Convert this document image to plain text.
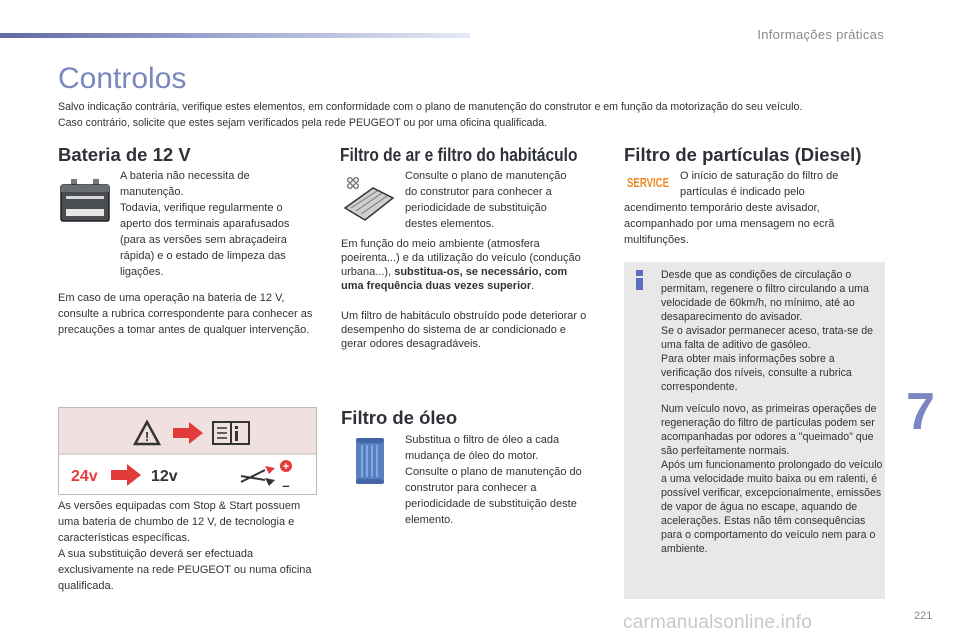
Informações práticas
Controlos
Salvo indicação contrária, verifique estes elementos, em conformidade com o plano de manutenção do construtor e em função da motorização do seu veículo.
Caso contrário, solicite que estes sejam verificados pela rede PEUGEOT ou por uma oficina qualificada.
Bateria de 12 V

A bateria não necessita de manutenção.

Todavia, verifique regularmente o aperto dos terminais aparafusados (para as versões sem abraçadeira rápida) e o estado de limpeza das ligações.

Em caso de uma operação na bateria de 12 V, consulte a rubrica correspondente para conhecer as precauções a tomar antes de qualquer intervenção.
!
24v	12v
+
–

As versões equipadas com Stop & Start possuem uma bateria de chumbo de 12 V, de tecnologia e características específicas.

A sua substituição deverá ser efectuada exclusivamente na rede PEUGEOT ou numa oficina qualificada.

Filtro de ar e filtro do habitáculo
Consulte o plano de manutenção do construtor para conhecer a periodicidade de substituição destes elementos.
Em função do meio ambiente (atmosfera poeirenta...) e da utilização do veículo (condução urbana...), substitua-os, se necessário, com uma frequência duas vezes superior.
Um filtro de habitáculo obstruído pode deteriorar o desempenho do sistema de ar condicionado e gerar odores desagradáveis.
Filtro de óleo

Substitua o filtro de óleo a cada mudança de óleo do motor.

Consulte o plano de manutenção do construtor para conhecer a periodicidade de substituição deste elemento.

Filtro de partículas (Diesel)
SERVICE O início de saturação do filtro de partículas é indicado pelo
acendimento temporário deste avisador, acompanhado por uma mensagem no ecrã multifunções.

Desde que as condições de circulação o permitam, regenere o filtro circulando a uma velocidade de 60km/h, no mínimo, até ao desaparecimento do avisador.

Se o avisador permanecer aceso, trata-se de uma falta de aditivo de gasóleo.

Para obter mais informações sobre a verificação dos níveis, consulte a rubrica correspondente.

Num veículo novo, as primeiras operações de regeneração do filtro de partículas podem ser acompanhadas por odores a "queimado" que são perfeitamente normais.

Após um funcionamento prolongado do veículo a uma velocidade muito baixa ou em ralenti, é possível verificar, excepcionalmente, emissões de vapor de água no escape, aquando de acelerações. Estas não têm consequências para o comportamento do veículo nem para o ambiente.

7
221
carmanualsonline.info
